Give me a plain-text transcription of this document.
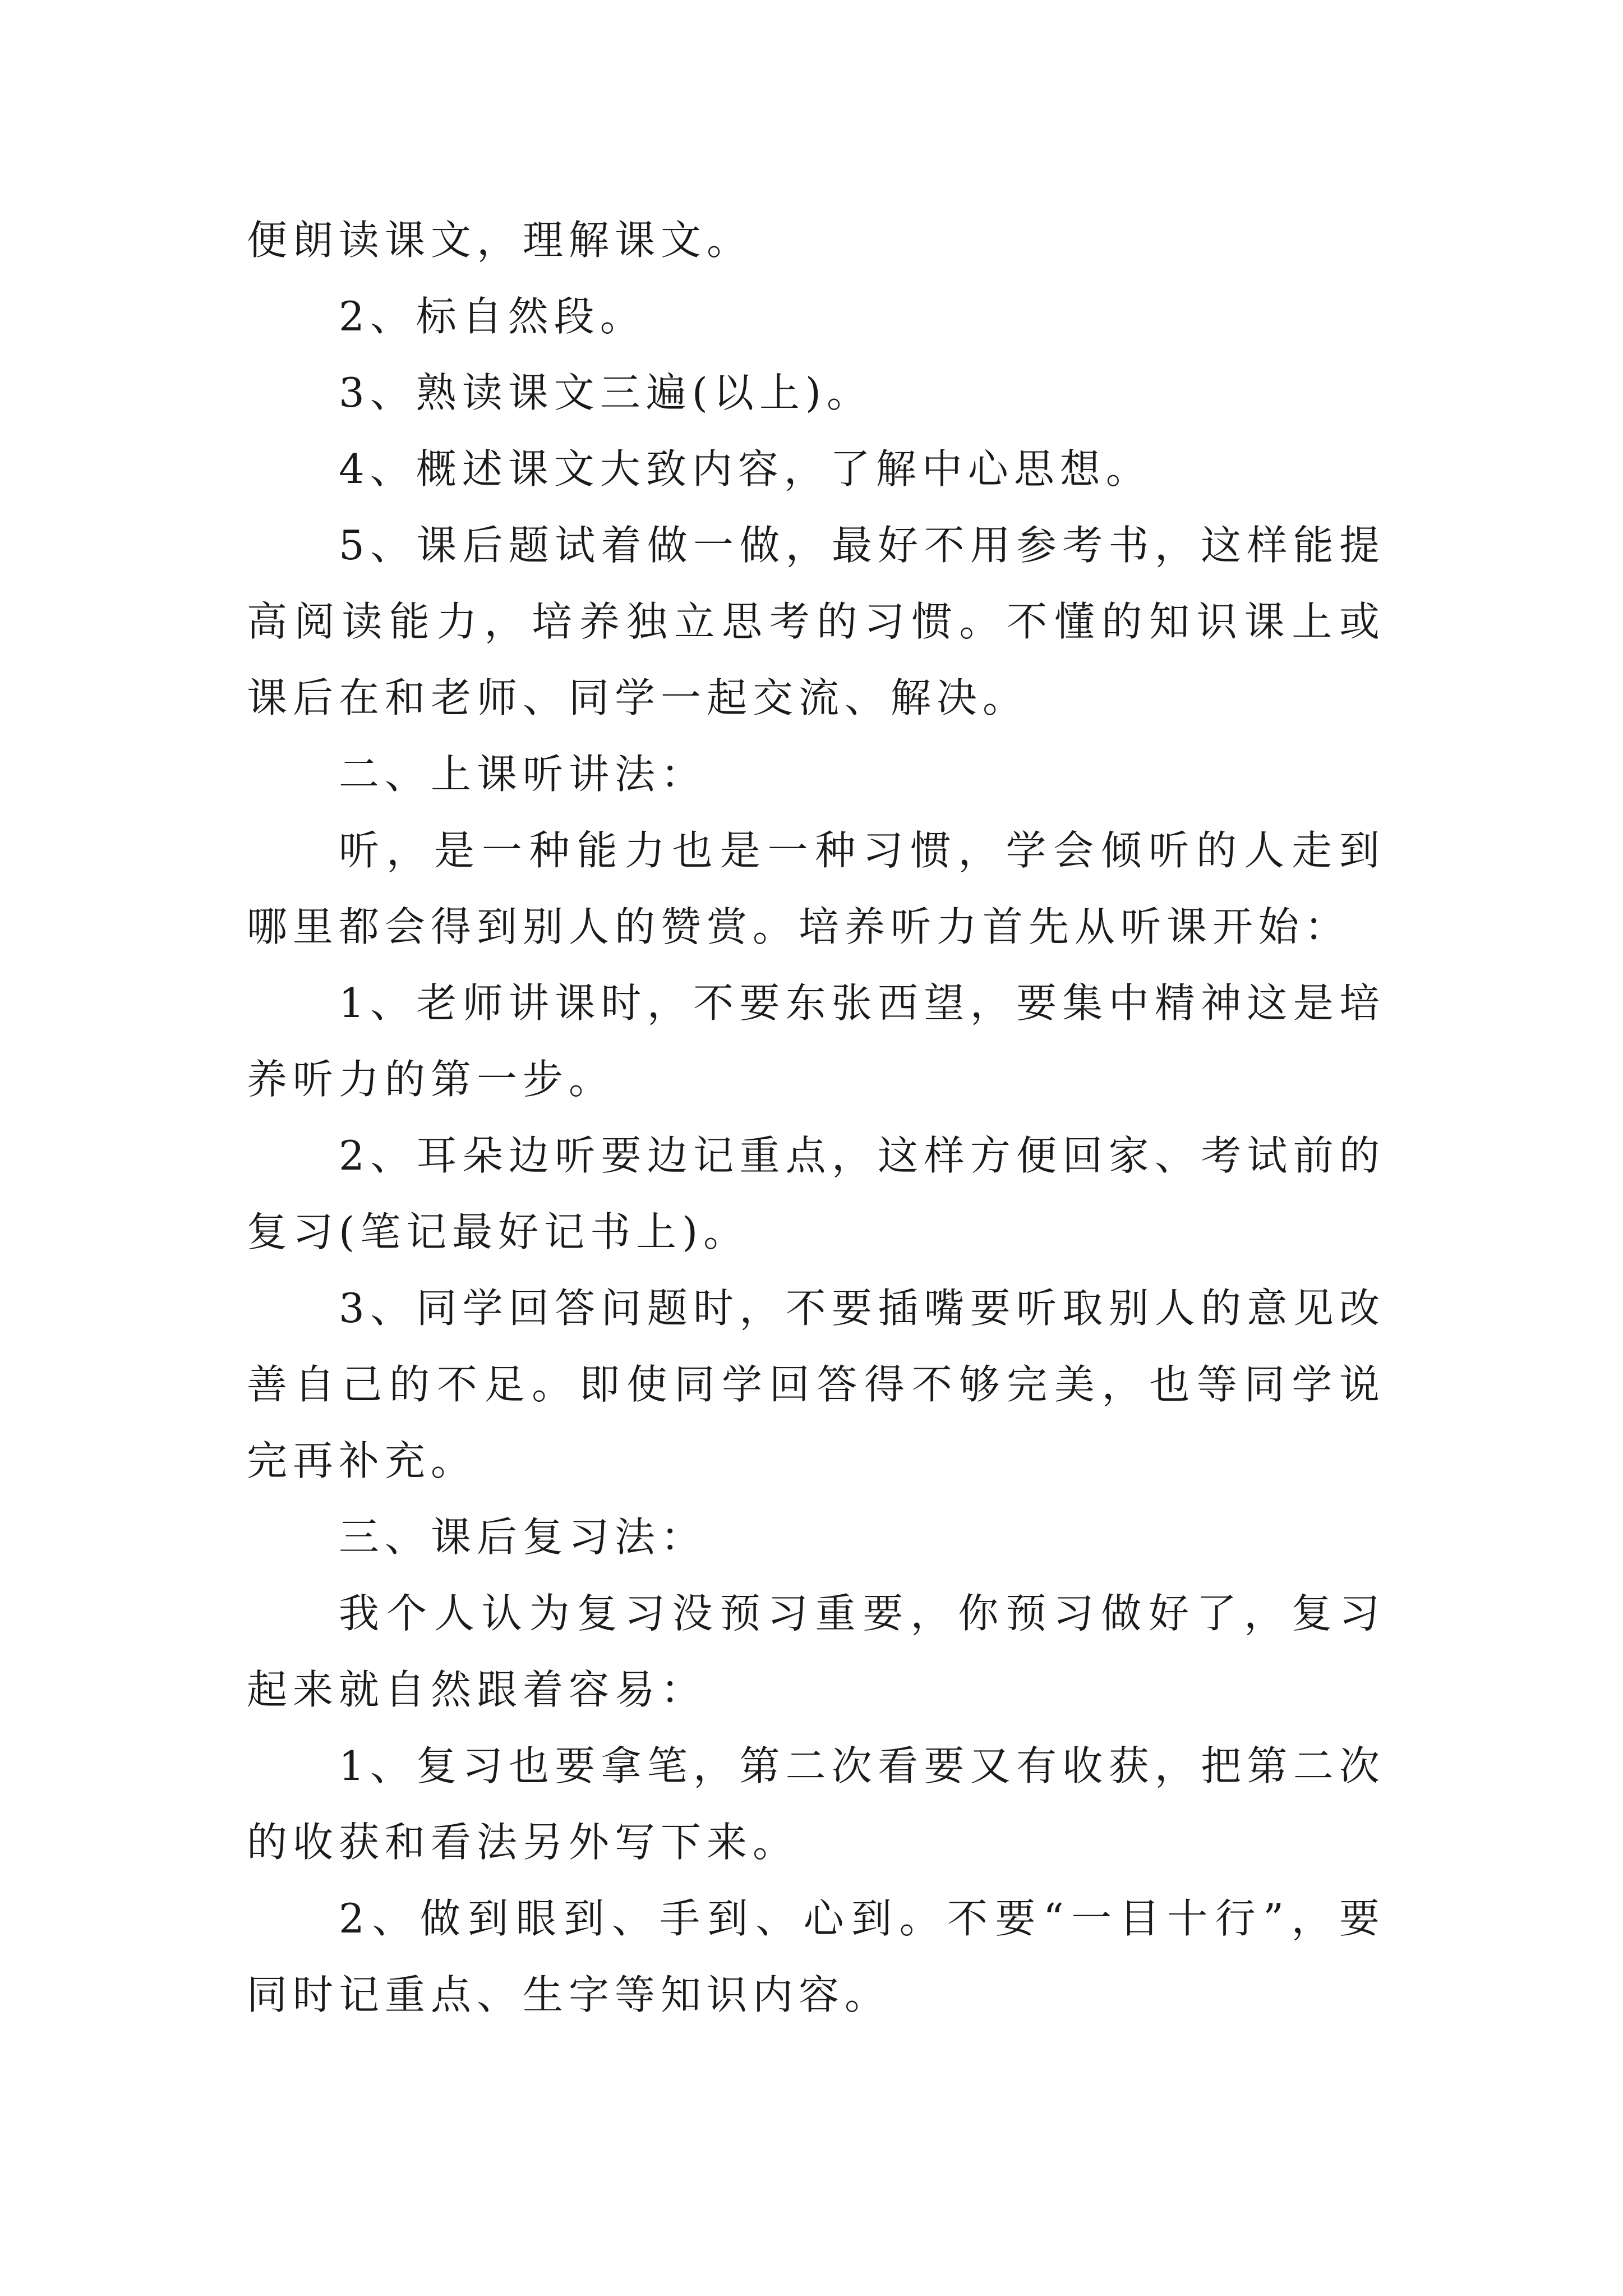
便朗读课文，理解课文。

2、标自然段。

3、熟读课文三遍(以上)。

4、概述课文大致内容，了解中心思想。

5、课后题试着做一做，最好不用参考书，这样能提高阅读能力，培养独立思考的习惯。不懂的知识课上或课后在和老师、同学一起交流、解决。

二、上课听讲法：

听，是一种能力也是一种习惯，学会倾听的人走到哪里都会得到别人的赞赏。培养听力首先从听课开始：

1、老师讲课时，不要东张西望，要集中精神这是培养听力的第一步。

2、耳朵边听要边记重点，这样方便回家、考试前的复习(笔记最好记书上)。

3、同学回答问题时，不要插嘴要听取别人的意见改善自己的不足。即使同学回答得不够完美，也等同学说完再补充。

三、课后复习法：

我个人认为复习没预习重要，你预习做好了，复习起来就自然跟着容易：

1、复习也要拿笔，第二次看要又有收获，把第二次的收获和看法另外写下来。

2、做到眼到、手到、心到。不要“一目十行”，要同时记重点、生字等知识内容。
